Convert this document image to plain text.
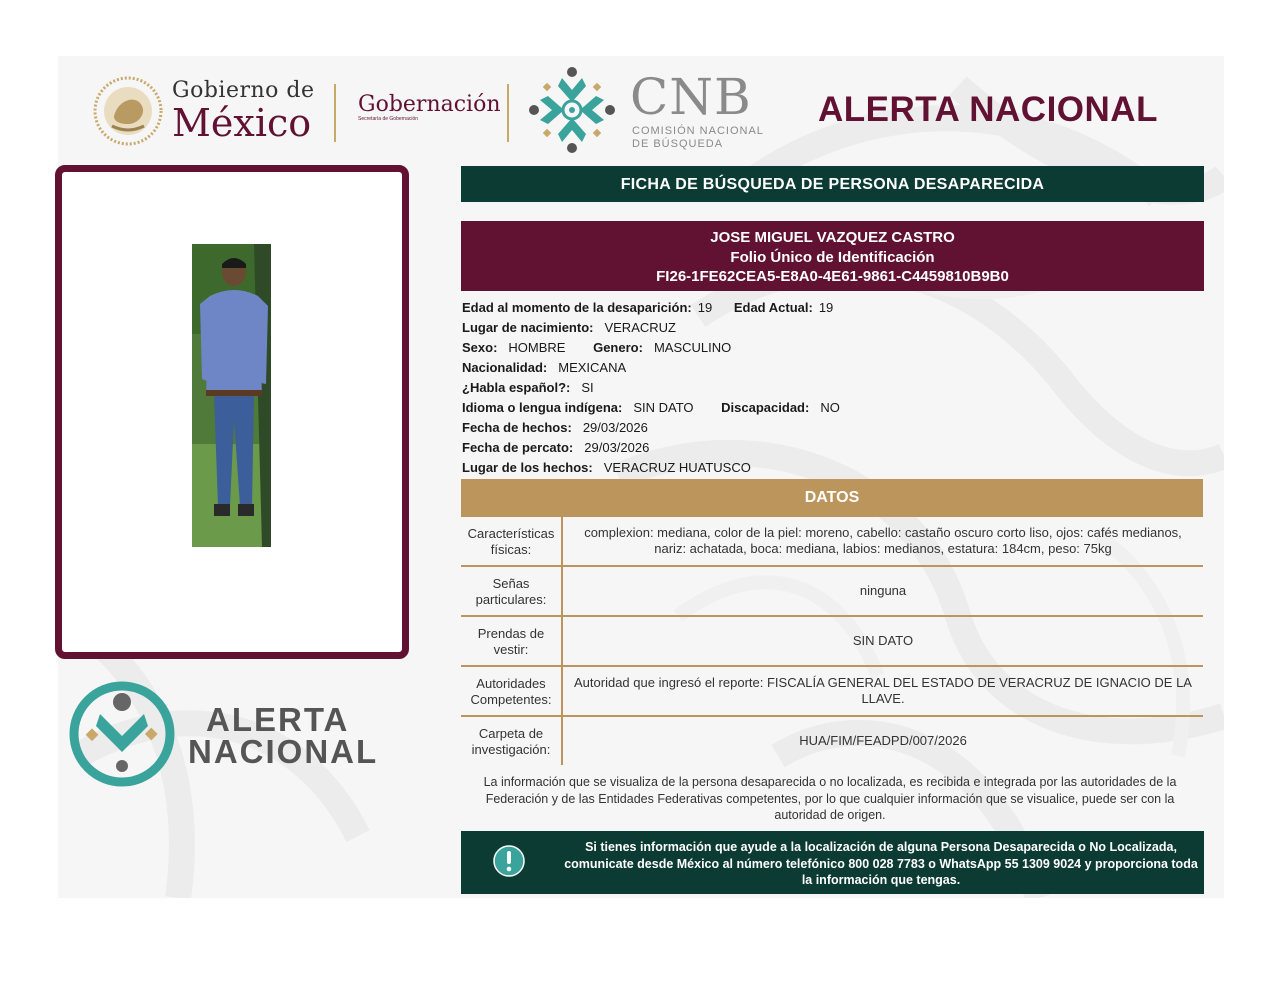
Gobierno de
México Gobernación
Secretaría de Gobernación	CNB
COMISIÓN NACIONAL
DE BÚSQUEDA
ALERTA NACIONAL
ALERTA
NACIONAL
FICHA DE BÚSQUEDA DE PERSONA DESAPARECIDA
JOSE MIGUEL VAZQUEZ CASTRO
Folio Único de Identificación
FI26-1FE62CEA5-E8A0-4E61-9861-C4459810B9B0
Edad al momento de la desaparición: 19 Edad Actual: 19
Lugar de nacimiento: VERACRUZ
Sexo: HOMBRE Genero: MASCULINO
Nacionalidad: MEXICANA
¿Habla español?: SI
Idioma o lengua indígena: SIN DATO Discapacidad: NO
Fecha de hechos: 29/03/2026
Fecha de percato: 29/03/2026
Lugar de los hechos: VERACRUZ HUATUSCO
DATOS
Características físicas:
complexion: mediana, color de la piel: moreno, cabello: castaño oscuro corto liso, ojos: cafés medianos, nariz: achatada, boca: mediana, labios: medianos, estatura: 184cm, peso: 75kg
Señas particulares:
ninguna
Prendas de vestir:
SIN DATO
Autoridades Competentes:
Autoridad que ingresó el reporte: FISCALÍA GENERAL DEL ESTADO DE VERACRUZ DE IGNACIO DE LA LLAVE.
Carpeta de investigación:
HUA/FIM/FEADPD/007/2026
La información que se visualiza de la persona desaparecida o no localizada, es recibida e integrada por las autoridades de la Federación y de las Entidades Federativas competentes, por lo que cualquier información que se visualice, puede ser con la autoridad de origen.
Si tienes información que ayude a la localización de alguna Persona Desaparecida o No Localizada, comunicate desde México al número telefónico 800 028 7783 o WhatsApp 55 1309 9024 y proporciona toda la información que tengas.
